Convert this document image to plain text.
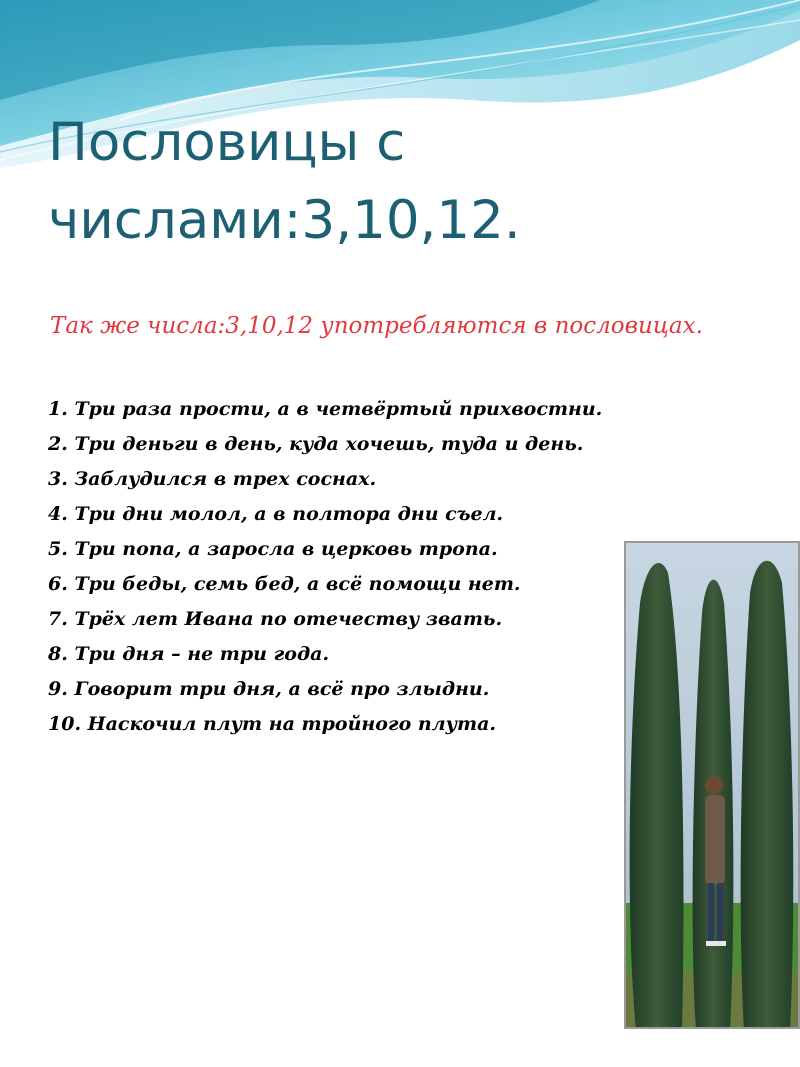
Пословицы с
числами:3,10,12.
Так же числа:3,10,12 употребляются в пословицах.
1. Три раза прости, а в четвёртый прихвостни.
2. Три деньги в день, куда хочешь, туда и день.
3. Заблудился в трех соснах.
4. Три дни молол, а в полтора дни съел.
5. Три попа, а заросла в церковь тропа.
6. Три беды, семь бед, а всё помощи нет.
7. Трёх лет Ивана по отечеству звать.
8. Три дня – не три года.
9. Говорит три дня, а всё про злыдни.
10. Наскочил плут на тройного плута.
